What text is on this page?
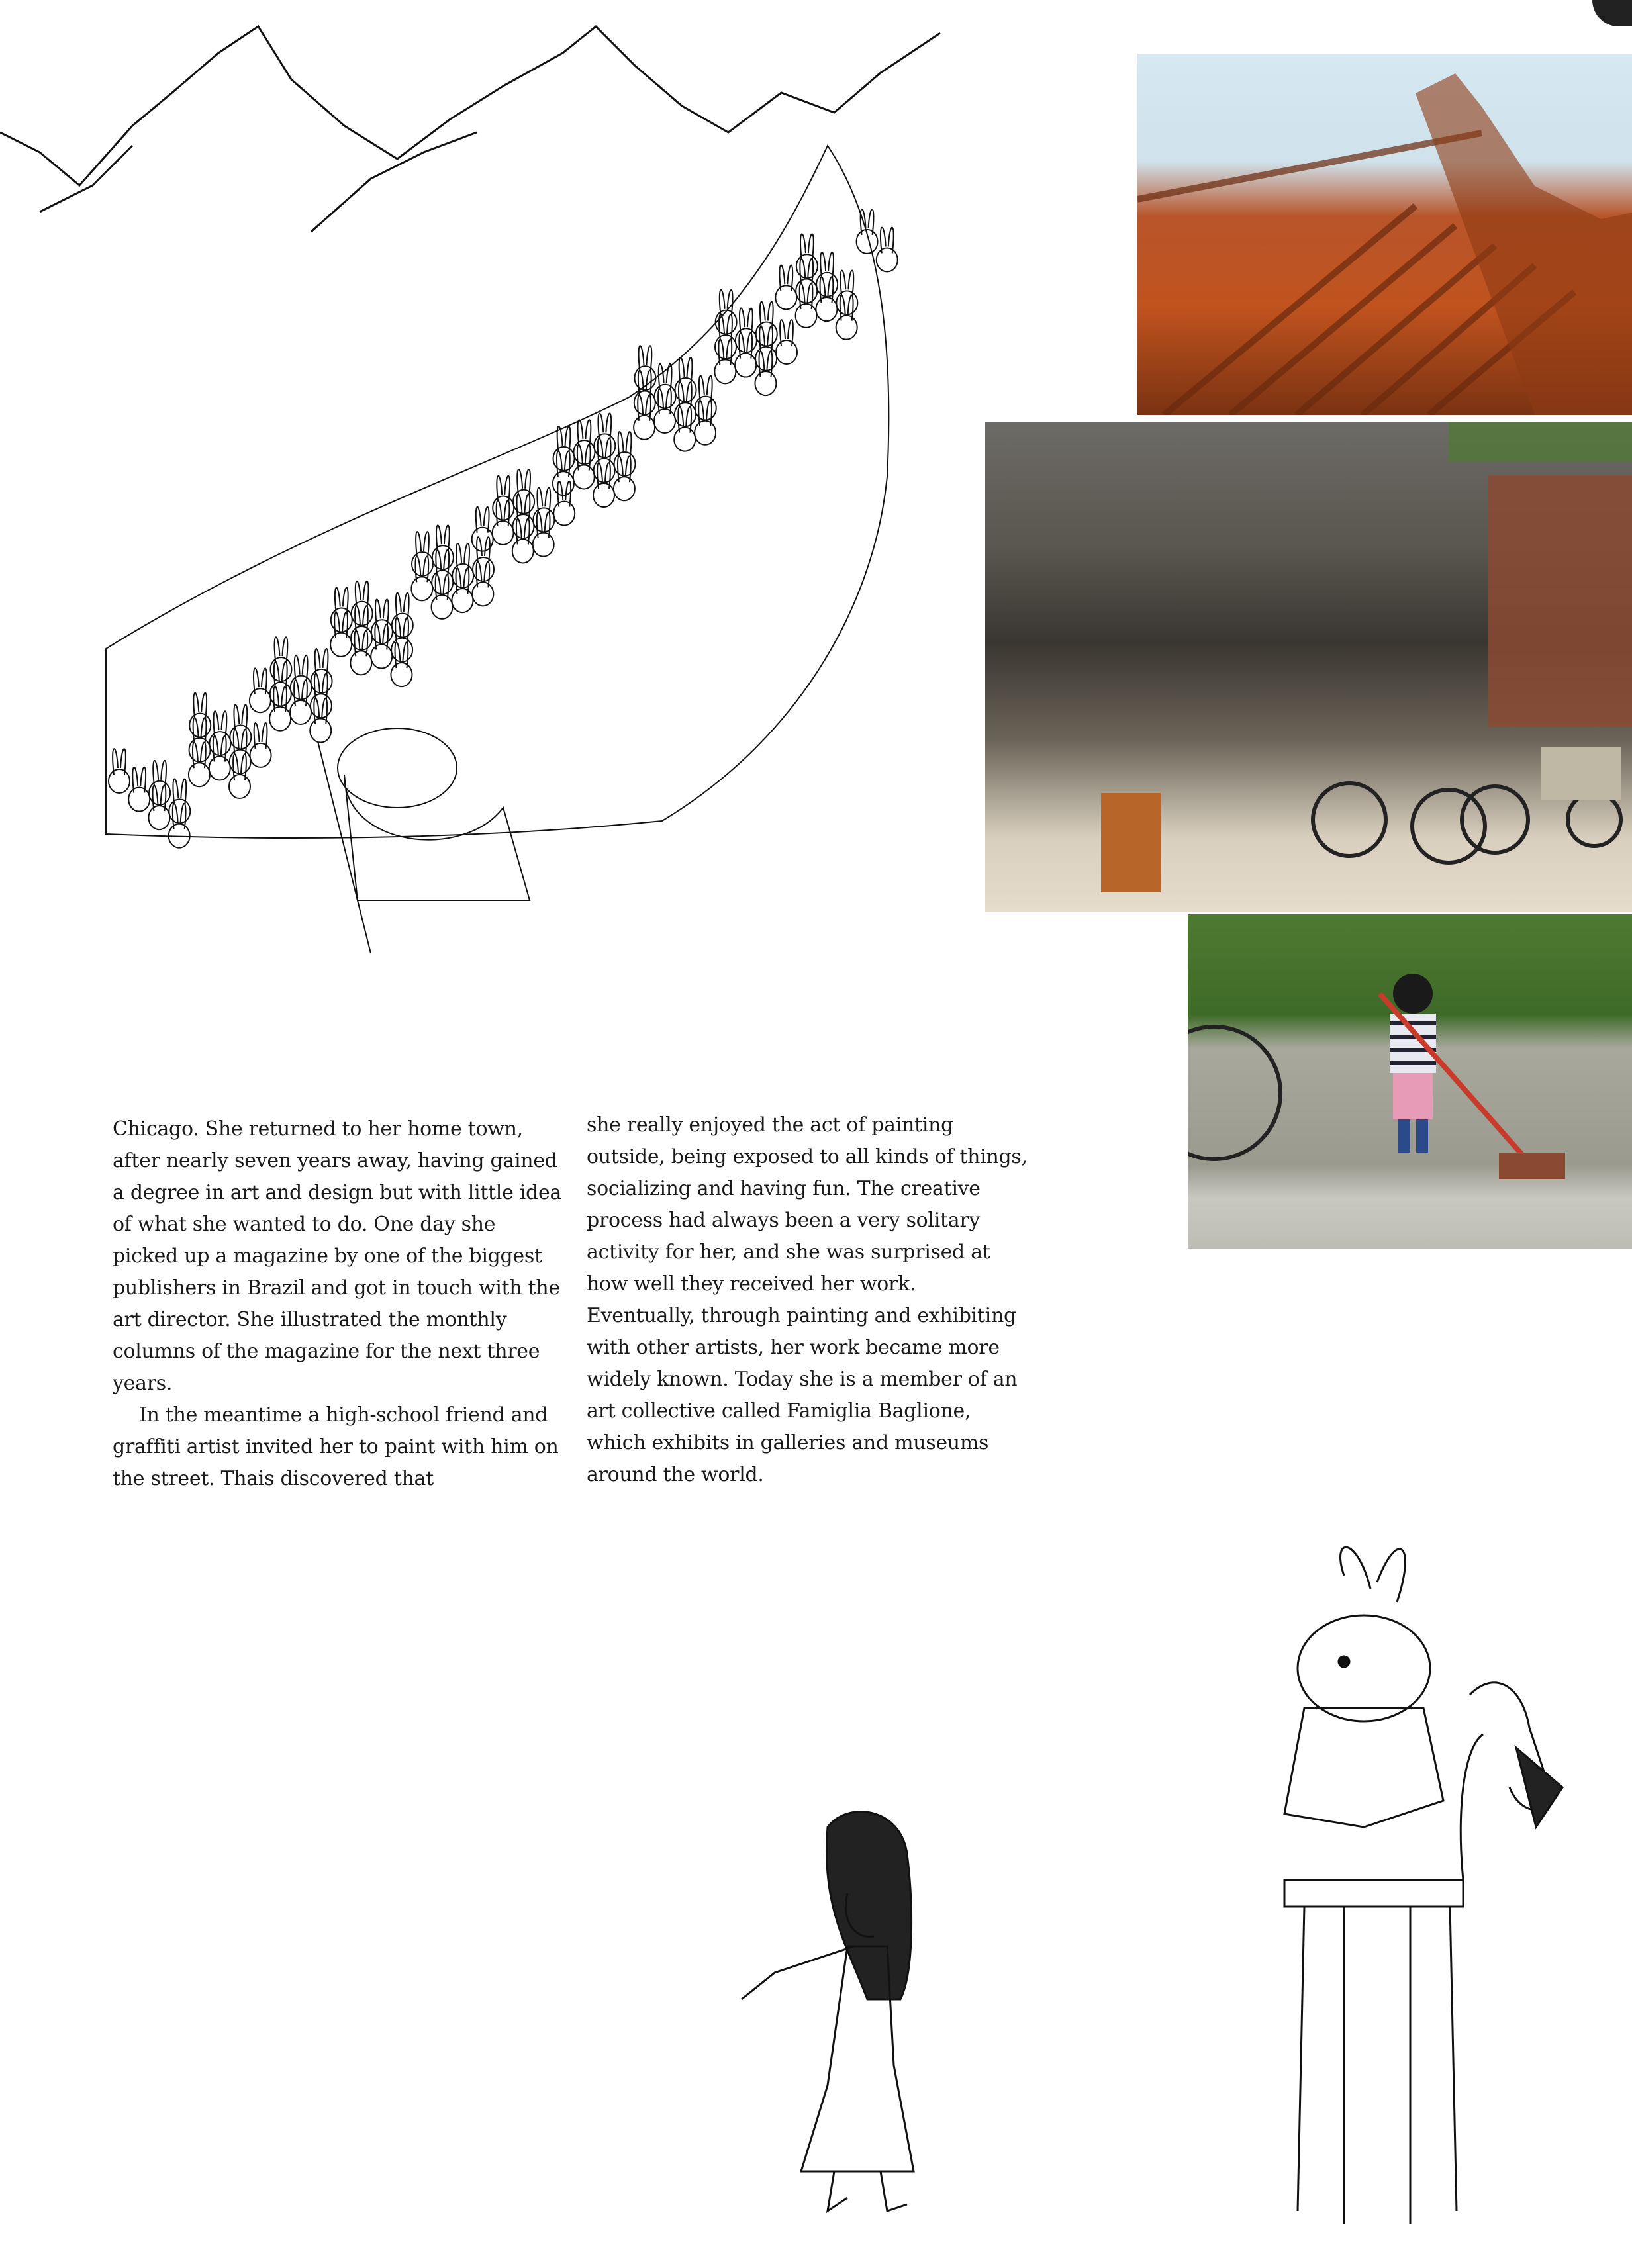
Chicago. She returned to her home town, after nearly seven years away, having gained a degree in art and design but with little idea of what she wanted to do. One day she picked up a magazine by one of the biggest publishers in Brazil and got in touch with the art director. She illustrated the monthly columns of the magazine for the next three years.

In the meantime a high-school friend and graffiti artist invited her to paint with him on the street. Thais discovered that

she really enjoyed the act of painting outside, being exposed to all kinds of things, socializing and having fun. The creative process had always been a very solitary activity for her, and she was surprised at how well they received her work. Eventually, through painting and exhibiting with other artists, her work became more widely known. Today she is a member of an art collective called Famiglia Baglione, which exhibits in galleries and museums around the world.
